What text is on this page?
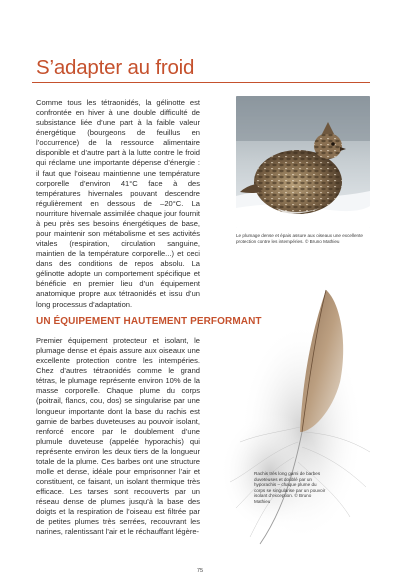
S’adapter au froid

Comme tous les tétraonidés, la gélinotte est confrontée en hiver à une double difficulté de subsistance liée d’une part à la faible valeur énergétique (bourgeons de feuillus en l’occurrence) de la ressource alimentaire disponible et d’autre part à la lutte contre le froid qui réclame une importante dépense d’énergie : il faut que l’oiseau maintienne une température corporelle d’environ 41°C face à des températures hivernales pouvant descendre régulièrement en dessous de –20°C. La nourriture hivernale assimilée chaque jour fournit à peu près ses besoins énergétiques de base, pour maintenir son métabolisme et ses activités vitales (respiration, circulation sanguine, maintien de la température corporelle...) et ceci dans des conditions de repos absolu. La gélinotte adopte un comportement spécifique et bénéficie en premier lieu d’un équipement anatomique propre aux tétraonidés et issu d’un long processus d’adaptation.

Le plumage dense et épais assure aux oiseaux une excellente protection contre les intempéries. © Bruno Mathieu
UN ÉQUIPEMENT HAUTEMENT PERFORMANT

Premier équipement protecteur et isolant, le plumage dense et épais assure aux oiseaux une excellente protection contre les intempéries. Chez d’autres tétraonidés comme le grand tétras, le plumage représente environ 10% de la masse corporelle. Chaque plume du corps (poitrail, flancs, cou, dos) se singularise par une longueur importante dont la base du rachis est garnie de barbes duveteuses au pouvoir isolant, renforcé encore par le doublement d’une plumule duveteuse (appelée hyporachis) qui représente environ les deux tiers de la longueur totale de la plume. Ces barbes ont une structure molle et dense, idéale pour emprisonner l’air et constituent, ce faisant, un isolant thermique très efficace. Les tarses sont recouverts par un réseau dense de plumes jusqu’à la base des doigts et la respiration de l’oiseau est filtrée par de petites plumes très serrées, recouvrant les narines, ralentissant l’air et le réchauffant légère-

Rachis très long garni de barbes duveteuses et doublé par un hyporachis – chaque plume du corps se singularise par un pouvoir isolant d’exception. © Bruno Mathieu
75
